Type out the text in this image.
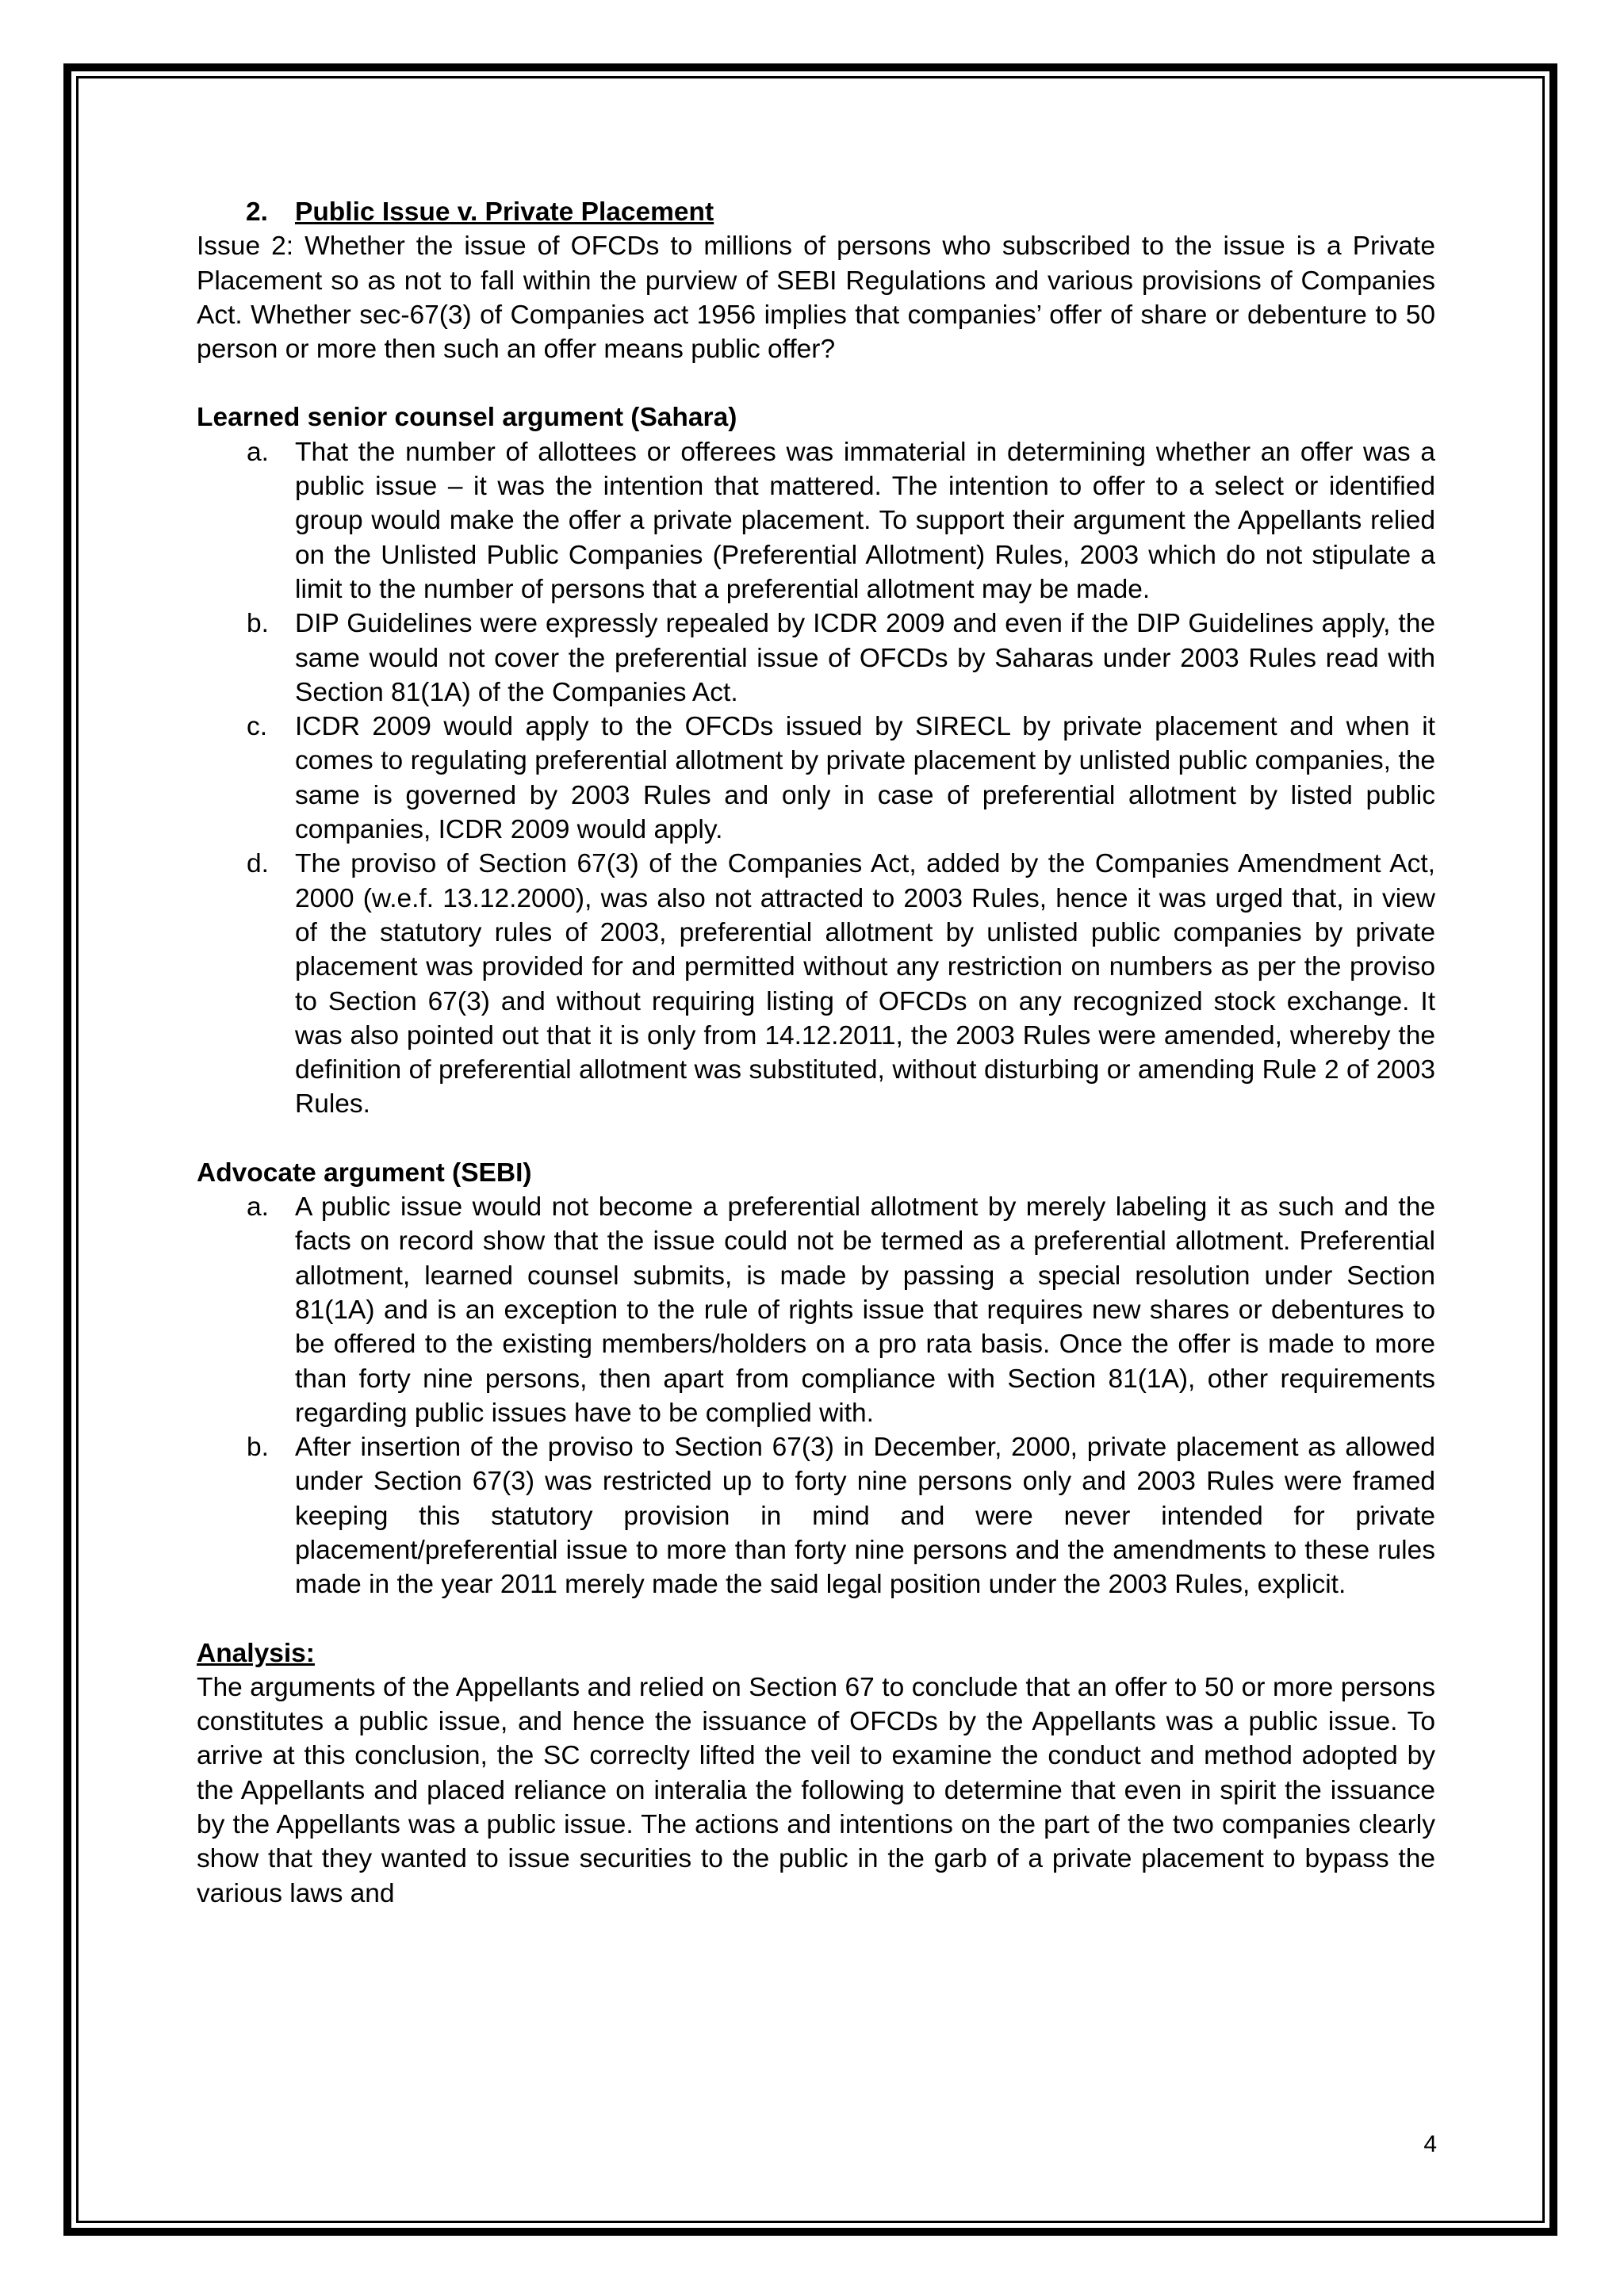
2. Public Issue v. Private Placement

Issue 2: Whether the issue of OFCDs to millions of persons who subscribed to the issue is a Private Placement so as not to fall within the purview of SEBI Regulations and various provisions of Companies Act. Whether sec-67(3) of Companies act 1956 implies that companies’ offer of share or debenture to 50 person or more then such an offer means public offer?

Learned senior counsel argument (Sahara)

a. That the number of allottees or offerees was immaterial in determining whether an offer was a public issue – it was the intention that mattered. The intention to offer to a select or identified group would make the offer a private placement. To support their argument the Appellants relied on the Unlisted Public Companies (Preferential Allotment) Rules, 2003 which do not stipulate a limit to the number of persons that a preferential allotment may be made.
b. DIP Guidelines were expressly repealed by ICDR 2009 and even if the DIP Guidelines apply, the same would not cover the preferential issue of OFCDs by Saharas under 2003 Rules read with Section 81(1A) of the Companies Act.
c. ICDR 2009 would apply to the OFCDs issued by SIRECL by private placement and when it comes to regulating preferential allotment by private placement by unlisted public companies, the same is governed by 2003 Rules and only in case of preferential allotment by listed public companies, ICDR 2009 would apply.
d. The proviso of Section 67(3) of the Companies Act, added by the Companies Amendment Act, 2000 (w.e.f. 13.12.2000), was also not attracted to 2003 Rules, hence it was urged that, in view of the statutory rules of 2003, preferential allotment by unlisted public companies by private placement was provided for and permitted without any restriction on numbers as per the proviso to Section 67(3) and without requiring listing of OFCDs on any recognized stock exchange. It was also pointed out that it is only from 14.12.2011, the 2003 Rules were amended, whereby the definition of preferential allotment was substituted, without disturbing or amending Rule 2 of 2003 Rules.

Advocate argument (SEBI)

a. A public issue would not become a preferential allotment by merely labeling it as such and the facts on record show that the issue could not be termed as a preferential allotment. Preferential allotment, learned counsel submits, is made by passing a special resolution under Section 81(1A) and is an exception to the rule of rights issue that requires new shares or debentures to be offered to the existing members/holders on a pro rata basis. Once the offer is made to more than forty nine persons, then apart from compliance with Section 81(1A), other requirements regarding public issues have to be complied with.
b. After insertion of the proviso to Section 67(3) in December, 2000, private placement as allowed under Section 67(3) was restricted up to forty nine persons only and 2003 Rules were framed keeping this statutory provision in mind and were never intended for private placement/preferential issue to more than forty nine persons and the amendments to these rules made in the year 2011 merely made the said legal position under the 2003 Rules, explicit.

Analysis:

The arguments of the Appellants and relied on Section 67 to conclude that an offer to 50 or more persons constitutes a public issue, and hence the issuance of OFCDs by the Appellants was a public issue. To arrive at this conclusion, the SC correclty lifted the veil to examine the conduct and method adopted by the Appellants and placed reliance on interalia the following to determine that even in spirit the issuance by the Appellants was a public issue. The actions and intentions on the part of the two companies clearly show that they wanted to issue securities to the public in the garb of a private placement to bypass the various laws and

4
